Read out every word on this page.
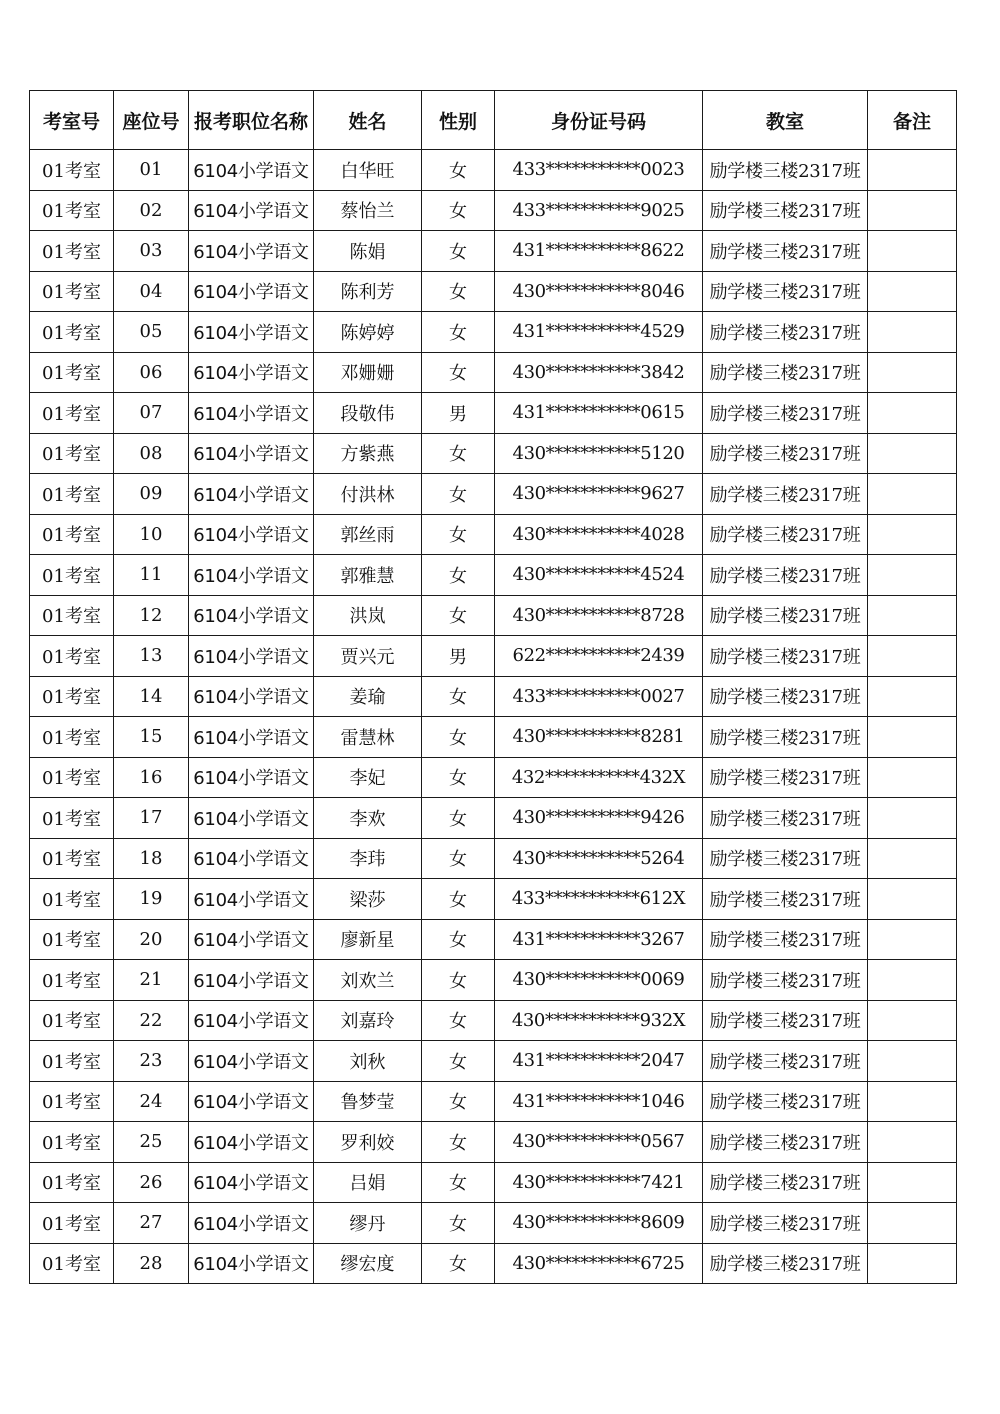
考室号	座位号	报考职位名称	姓名	性别	身份证号码	教室	备注
01考室	01	6104小学语文	白华旺	女	433***********0023	励学楼三楼2317班	
01考室	02	6104小学语文	蔡怡兰	女	433***********9025	励学楼三楼2317班	
01考室	03	6104小学语文	陈娟	女	431***********8622	励学楼三楼2317班	
01考室	04	6104小学语文	陈利芳	女	430***********8046	励学楼三楼2317班	
01考室	05	6104小学语文	陈婷婷	女	431***********4529	励学楼三楼2317班	
01考室	06	6104小学语文	邓姗姗	女	430***********3842	励学楼三楼2317班	
01考室	07	6104小学语文	段敬伟	男	431***********0615	励学楼三楼2317班	
01考室	08	6104小学语文	方紫燕	女	430***********5120	励学楼三楼2317班	
01考室	09	6104小学语文	付洪林	女	430***********9627	励学楼三楼2317班	
01考室	10	6104小学语文	郭丝雨	女	430***********4028	励学楼三楼2317班	
01考室	11	6104小学语文	郭雅慧	女	430***********4524	励学楼三楼2317班	
01考室	12	6104小学语文	洪岚	女	430***********8728	励学楼三楼2317班	
01考室	13	6104小学语文	贾兴元	男	622***********2439	励学楼三楼2317班	
01考室	14	6104小学语文	姜瑜	女	433***********0027	励学楼三楼2317班	
01考室	15	6104小学语文	雷慧林	女	430***********8281	励学楼三楼2317班	
01考室	16	6104小学语文	李妃	女	432***********432X	励学楼三楼2317班	
01考室	17	6104小学语文	李欢	女	430***********9426	励学楼三楼2317班	
01考室	18	6104小学语文	李玮	女	430***********5264	励学楼三楼2317班	
01考室	19	6104小学语文	梁莎	女	433***********612X	励学楼三楼2317班	
01考室	20	6104小学语文	廖新星	女	431***********3267	励学楼三楼2317班	
01考室	21	6104小学语文	刘欢兰	女	430***********0069	励学楼三楼2317班	
01考室	22	6104小学语文	刘嘉玲	女	430***********932X	励学楼三楼2317班	
01考室	23	6104小学语文	刘秋	女	431***********2047	励学楼三楼2317班	
01考室	24	6104小学语文	鲁梦莹	女	431***********1046	励学楼三楼2317班	
01考室	25	6104小学语文	罗利姣	女	430***********0567	励学楼三楼2317班	
01考室	26	6104小学语文	吕娟	女	430***********7421	励学楼三楼2317班	
01考室	27	6104小学语文	缪丹	女	430***********8609	励学楼三楼2317班	
01考室	28	6104小学语文	缪宏度	女	430***********6725	励学楼三楼2317班	
